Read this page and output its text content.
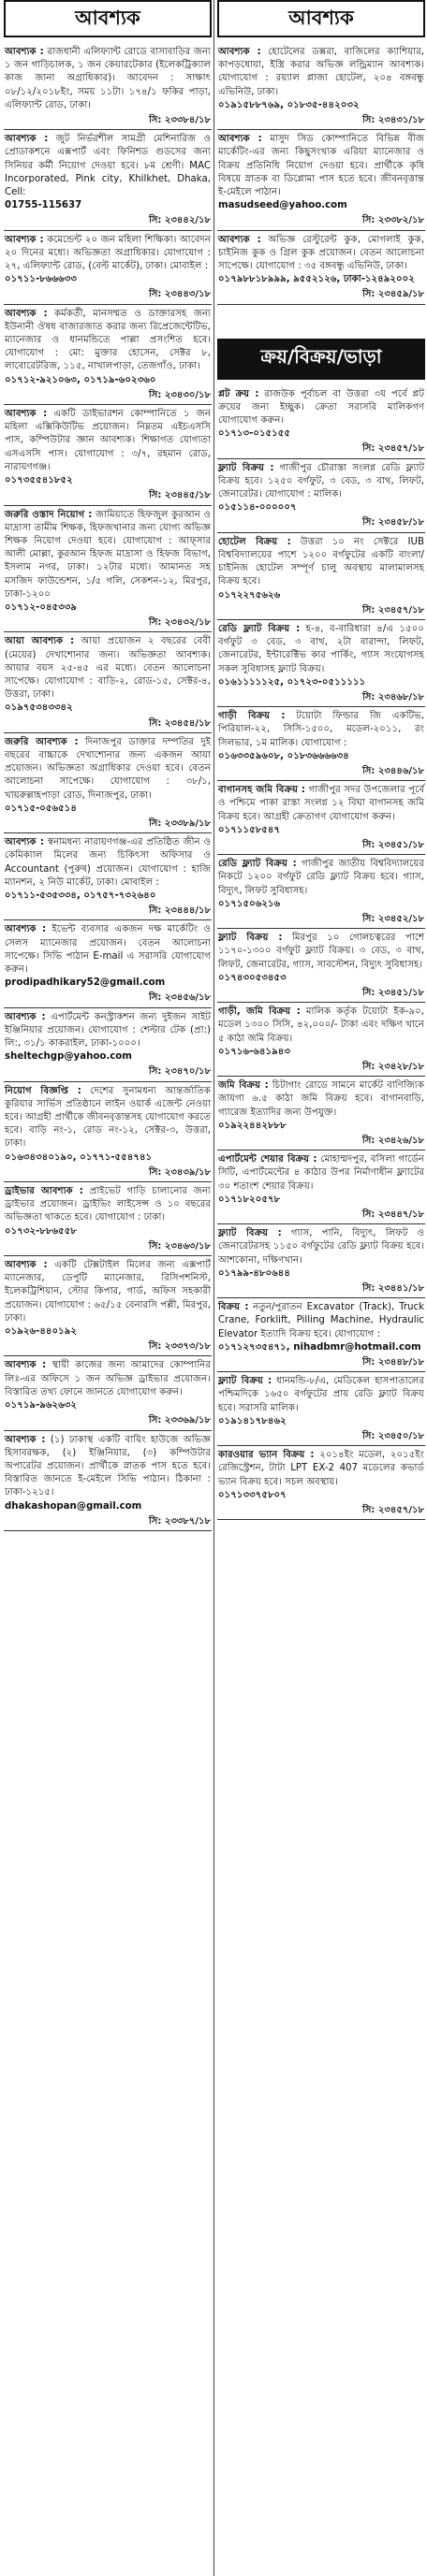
আবশ্যক
আবশ্যক : রাজধানী এলিফ্যান্ট রোডে বাসাবাড়ির জন্য ১ জন গাড়িচালক, ১ জন কেয়ারটেকার (ইলেকট্রিক্যাল কাজ জানা অগ্রাধিকার)। আবেদন : সাক্ষাৎ ০৮/১২/২০১৮ইং, সময় ১১টা। ১৭৪/১ ফকির পাড়া, এলিফ্যান্ট রোড, ঢাকা।
সি: ২৩৩৮৪/১৮
আবশ্যক : জুট নির্ভরশীল সামগ্রী মেশিনারিজ ও প্রোডাকশনে এক্সপার্ট এবং ফিনিশড গুডসের জন্য সিনিয়র কর্মী নিয়োগ দেওয়া হবে। ৮ম শ্রেণী। MAC Incorporated, Pink city, Khilkhet, Dhaka, Cell:
01755-115637
সি: ২৩৪৪২/১৮
আবশ্যক : কমেন্ডেন্ট ২০ জন মহিলা শিক্ষিকা। আবেদন ২০ দিনের মধ্যে। অভিজ্ঞতা অগ্রাধিকার। যোগাযোগ : ২৭, এলিফ্যান্ট রোড, (বেল্ট মার্কেট), ঢাকা। মোবাইল :
০১৭১১-৮৬৬৬৩৩
সি: ২৩৪৪৩/১৮
আবশ্যক : কর্মকর্তী, মানসম্মত ও ডাক্তারসহ জন্য ইউনানী ঔষধ বাজারজাত করার জন্য রিপ্রেজেন্টেটিভ, ম্যানেজার ও ধানমন্ডিতে পাল্লা প্রসংশিত হবে। যোগাযোগ : মো: মুক্তার হোসেন, সেক্টর ৮, লাবোরেটরিজ, ১১৫, নাখালপাড়া, তেজগাঁও, ঢাকা।
০১৭১২-৯২১০৬৩, ০১৭১৯-৬০২৩৬০
সি: ২৩৪৩০/১৮
আবশ্যক : একটি ডাইভারশন কোম্পানিতে ১ জন মহিলা এক্সিকিউটিভ প্রয়োজন। নিম্নতম এইচএসসি পাস, কম্পিউটার জ্ঞান আবশ্যক। শিক্ষাগত যোগ্যতা এসএসসি পাস। যোগাযোগ : ৩/৭, রহমান রোড, নারায়ণগঞ্জ।
০১৭৩৫৫৪১৮৫২
সি: ২৩৪৪৫/১৮
জরুরি ওস্তাদ নিয়োগ : জামিয়াতে হিফজুল কুরআন ও মাদ্রাসা তামীম শিক্ষক, হিফজখানার জন্য যোগ্য অভিজ্ঞ শিক্ষক নিয়োগ দেওয়া হবে। যোগাযোগ : আফ্সার আলী মোল্লা, কুরআন হিফজ মাদ্রাসা ও হিফজ বিভাগ, ইসলাম নগর, ঢাকা। ১২টার মধ্যে। আমানত সহ মসজিদ ফাউন্ডেশন, ১/৫ গলি, সেকশন-১২, মিরপুর, ঢাকা-১২০০
০১৭১২-০৪৫৩৩৯
সি: ২৩৪৩২/১৮
আয়া আবশ্যক : আয়া প্রয়োজন ২ বছরের বেবী (মেয়ের) দেখাশোনার জন্য। অভিজ্ঞতা আবশ্যক। আয়ার বয়স ২৫-৪৫ এর মধ্যে। বেতন আলোচনা সাপেক্ষে। যোগাযোগ : বাড়ি-২, রোড-১৫, সেক্টর-৪, উত্তরা, ঢাকা।
০১৯৭৫৩৪৩৩৪২
সি: ২৩৪৫৪/১৮
জরুরি আবশ্যক : দিনাজপুর ডাক্তার দম্পতির দুই বছরের বাচ্চাকে দেখাশোনার জন্য একজন আয়া প্রয়োজন। অভিজ্ঞতা অগ্রাধিকার দেওয়া হবে। বেতন আলোচনা সাপেক্ষে। যোগাযোগ : ৩৮/১, খায়রুল্লাহপাড়া রোড, দিনাজপুর, ঢাকা।
০১৭১৫-০৫৬৫১৪
সি: ২৩৩৮৯/১৮
আবশ্যক : স্বনামধন্য নারায়ণগঞ্জ-এর প্রতিষ্ঠিত জীন ও কেমিক্যাল মিলের জন্য চিকিৎসা অফিসার ও Accountant (পুরুষ) প্রয়োজন। যোগাযোগ : হাজি ম্যানশন, ২ নিউ মার্কেট, ঢাকা। মোবাইল :
০১৭১১-৫৩৫৩৩৪, ০১৭৫৭-৭৩২৬৪০
সি: ২৩৪৪৪/১৮
আবশ্যক : ইভেন্ট ব্যবসার একজন দক্ষ মার্কেটিং ও সেলস ম্যানেজার প্রয়োজন। বেতন আলোচনা সাপেক্ষে। সিভি পাঠান E-mail এ সরাসরি যোগাযোগ করুন।
prodipadhikary52@gmail.com
সি: ২৩৪৫৬/১৮
আবশ্যক : এপার্টমেন্ট কনস্ট্রাকশন জন্য দুইজন সাইট ইঞ্জিনিয়ার প্রয়োজন। যোগাযোগ : শেল্টার টেক (প্রা:) লি:, ৩১/১ কাকরাইল, ঢাকা-১০০০।
sheltechgp@yahoo.com
সি: ২৩৪৭০/১৮
নিয়োগ বিজ্ঞপ্তি : দেশের সুনামধন্য আন্তর্জাতিক কুরিয়ার সার্ভিস প্রতিষ্ঠানে লাইন ওয়ার্ক এজেন্ট নেওয়া হবে। আগ্রহী প্রার্থীকে জীবনবৃত্তান্তসহ যোগাযোগ করতে হবে। বাড়ি নং-১, রোড নং-১২, সেক্টর-৩, উত্তরা, ঢাকা।
০১৬৩৪৩৪০১৯০, ০১৭৭১-৫৫৪৭৪১
সি: ২৩৪৩৯/১৮
ড্রাইভার আবশ্যক : প্রাইভেট গাড়ি চালানোর জন্য ড্রাইভার প্রয়োজন। ড্রাইভিং লাইসেন্স ও ১০ বছরের অভিজ্ঞতা থাকতে হবে। যোগাযোগ : ঢাকা।
০১৭৩২-৮৮৬৫৫৮
সি: ২৩৪৬৩/১৮
আবশ্যক : একটি টেক্সটাইল মিলের জন্য এক্সপার্ট ম্যানেজার, ডেপুটি ম্যানেজার, রিসিপশনিস্ট, ইলেকট্রিশিয়ান, স্টোর কিপার, গার্ড, অফিস সহকারী প্রয়োজন। যোগাযোগ : ৬৫/১৫ বেনারসি পল্লী, মিরপুর, ঢাকা।
০১৯২৬-৪৪০১৯২
সি: ২৩৩৭৩/১৮
আবশ্যক : স্থায়ী কাজের জন্য আমাদের কোম্পানির লিঃ-এর অফিসে ১ জন অভিজ্ঞ ড্রাইভার প্রয়োজন। বিস্তারিত তথ্য ফোনে জানতে যোগাযোগ করুন।
০১৭১৯-৯৬২৬৩২
সি: ২৩৩৬৯/১৮
আবশ্যক : (১) ঢাকাস্থ একটি বায়িং হাউজে অভিজ্ঞ হিসাবরক্ষক, (২) ইঞ্জিনিয়ার, (৩) কম্পিউটার অপারেটর প্রয়োজন। প্রার্থীকে স্নাতক পাস হতে হবে। বিস্তারিত জানতে ই-মেইলে সিভি পাঠান। ঠিকানা : ঢাকা-১২১৫।
dhakashopan@gmail.com
সি: ২৩৩৮৭/১৮
আবশ্যক
আবশ্যক : হোটেলের ডক্সরা, বাজিলের ক্যাশিয়ার, কাপড়ধোয়া, ইস্ত্রি করার অভিজ্ঞ লন্ড্রিম্যান আবশ্যক। যোগাযোগ : রয়্যাল প্লাজা হোটেল, ২০৪ বঙ্গবন্ধু এভিনিউ, ঢাকা।
০১৯১৫৮৮৭৬৯, ০১৮৩৫-৪৪২০৩২
সি: ২৩৪৩১/১৮
আবশ্যক : মাসুদ সিড কোম্পানিতে বিভিন্ন বীজ মার্কেটিং-এর জন্য কিছুসংখ্যক এরিয়া ম্যানেজার ও বিক্রয় প্রতিনিধি নিয়োগ দেওয়া হবে। প্রার্থীকে কৃষি বিষয়ে স্নাতক বা ডিপ্লোমা পাস হতে হবে। জীবনবৃত্তান্ত ই-মেইলে পাঠান।
masudseed@yahoo.com
সি: ২৩৩৮২/১৮
আবশ্যক : অভিজ্ঞ রেস্টুরেন্ট কুক, মোগলাই কুক, চাইনিজ কুক ও গ্রিল কুক প্রয়োজন। বেতন আলোচনা সাপেক্ষে। যোগাযোগ : ৩৫ বঙ্গবন্ধু এভিনিউ, ঢাকা।
০১৭৯৮৮১৮৯৯৯, ৯৫৫২১২৬, ঢাকা-১২৪৯২০০২
সি: ২৩৪৫৯/১৮
ক্রয়/বিক্রয়/ভাড়া
প্লট ক্রয় : রাজউক পূর্বাচল বা উত্তরা ৩য় পর্বে প্লট ক্রয়ের জন্য ইচ্ছুক। ক্রেতা সরাসরি মালিকগণ যোগাযোগ করুন।
০১৭১৩-০১৫১৫৫
সি: ২৩৪৫৭/১৮
ফ্ল্যাট বিক্রয় : গাজীপুর চৌরাস্তা সংলগ্ন রেডি ফ্ল্যাট বিক্রয় হবে। ১২৫০ বর্গফুট, ৩ বেড, ৩ বাথ, লিফট, জেনারেটর। যোগাযোগ : মালিক।
০১৫১১৪-০০০০০৭
সি: ২৩৪৫৮/১৮
হোটেল বিক্রয় : উত্তরা ১০ নং সেক্টরে IUB বিশ্ববিদ্যালয়ের পাশে ১২০০ বর্গফুটের একটি বাংলা/চাইনিজ হোটেল সম্পূর্ণ চালু অবস্থায় মালামালসহ বিক্রয় হবে।
০১৭২২৭৫৬২৬
সি: ২৩৪৫৭/১৮
রেডি ফ্ল্যাট বিক্রয় : হ-৪, ব-বারিধারা ৪/এ ১৫০০ বর্গফুট ৩ বেড, ৩ বাথ, ২টা বারান্দা, লিফট, জেনারেটর, ইন্টারেক্টিভ কার পার্কিং, গ্যাস সংযোগসহ সকল সুবিধাসহ ফ্ল্যাট বিক্রয়।
০১৬১১১১১২৫, ০১৭২৩-০৫১১১১১
সি: ২৩৪৬৮/১৮
গাড়ী বিক্রয় : টয়োটা ফিল্ডার জি একটিভ, পিরিয়াল-২২, সিসি-১৫০০, মডেল-২০১১, রং সিলভার, ১ম মালিক। যোগাযোগ :
০১৬৩৩৫৯৬০৮, ০১৮৩৬৬৬৬৩৪
সি: ২৩৪৪৬/১৮
বাগানসহ জমি বিক্রয় : গাজীপুর সদর উপজেলার পূর্বে ও পশ্চিমে পাকা রাস্তা সংলগ্ন ১২ বিঘা বাগানসহ জমি বিক্রয় হবে। আগ্রহী ক্রেতাগণ যোগাযোগ করুন।
০১৭১১৫৮৫৪৭
সি: ২৩৪৫১/১৮
রেডি ফ্ল্যাট বিক্রয় : গাজীপুর জাতীয় বিশ্ববিদ্যালয়ের নিকটে ১২০০ বর্গফুট রেডি ফ্ল্যাট বিক্রয় হবে। গ্যাস, বিদ্যুৎ, লিফট সুবিধাসহ।
০১৭১৫০৬২১৬
সি: ২৩৪৫২/১৮
ফ্ল্যাট বিক্রয় : মিরপুর ১০ গোলচত্বরের পাশে ১১৭০-১৩০০ বর্গফুট ফ্ল্যাট বিক্রয়। ৩ বেড, ৩ বাথ, লিফট, জেনারেটর, গ্যাস, সাবস্টেশন, বিদ্যুৎ সুবিধাসহ।
০১৭৪৩০৫৩৪৫৩
সি: ২৩৪৫১/১৮
গাড়ী, জমি বিক্রয় : মালিক কর্তৃক টয়োটা ইক-৯০, মডেল ১৩০০ সিসি, ৪২,০০০/- টাকা এবং দক্ষিণ খানে ৫ কাঠা জমি বিক্রয়।
০১৭১৬-৬৪১৯৪৩
সি: ২৩৪২৮/১৮
জমি বিক্রয় : চিটাগাং রোডে সামনে মার্কেট বাণিজ্যিক জায়গা ৬.৫ কাঠা জমি বিক্রয় হবে। বাগানবাড়ি, গ্যারেজ ইত্যাদির জন্য উপযুক্ত।
০১৯২২৪৪২৮৮৮
সি: ২৩৪২৬/১৮
এপার্টমেন্ট শেয়ার বিক্রয় : মোহাম্মদপুর, বসিলা গার্ডেন সিটি, এপার্টমেন্টের ৪ কাঠার উপর নির্মাণাধীন ফ্ল্যাটের ৩০ শতাংশ শেয়ার বিক্রয়।
০১৭১৮২০৫৭৮
সি: ২৩৪৪৭/১৮
ফ্ল্যাট বিক্রয় : গ্যাস, পানি, বিদ্যুৎ, লিফট ও জেনারেটরসহ ১১৫০ বর্গফুটের রেডি ফ্ল্যাট বিক্রয় হবে। আশকোনা, দক্ষিণখান।
০১৭৯৯-৪৮০৬৪৪
সি: ২৩৪৪১/১৮
বিক্রয় : নতুন/পুরাতন Excavator (Track), Truck Crane, Forklift, Pilling Machine, Hydraulic Elevator ইত্যাদি বিক্রয় হবে। যোগাযোগ :
০১৭১২৭৩৫৪৭১, nihadbmr@hotmail.com
সি: ২৩৪৪৮/১৮
ফ্ল্যাট বিক্রয় : ধানমন্ডি-৮/এ, মেডিকেল হাসপাতালের পশ্চিমদিকে ১৬৫০ বর্গফুটের প্রায় রেডি ফ্ল্যাট বিক্রয় হবে। সরাসরি মালিক।
০১৯১৪১৭৮৪৬২
সি: ২৩৪৫০/১৮
কারওয়ার ভ্যান বিক্রয় : ২০১৪ইং মডেল, ২০১৫ইং রেজিস্ট্রেশন, টাটা LPT EX-2 407 মডেলের কভার্ড ভ্যান বিক্রয় হবে। সচল অবস্থায়।
০১৭১৩৩৭৫৮০৭
সি: ২৩৪৫৭/১৮
